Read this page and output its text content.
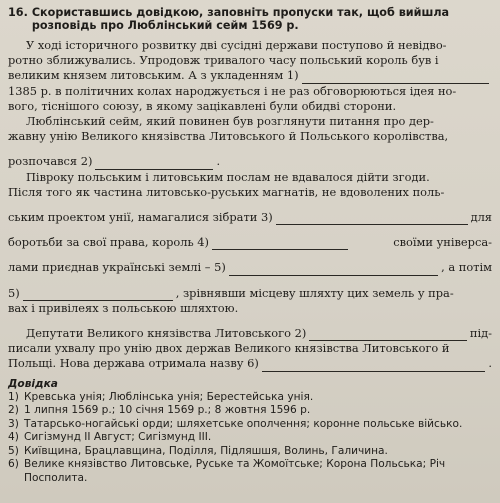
16. Скориставшись довідкою, заповніть пропуски так, щоб вийшла розповідь про Люблінський сейм 1569 р.
У ході історичного розвитку дві сусідні держави поступово й невідво-
ротно зближувались. Упродовж тривалого часу польський король був і
великим князем литовським. А з укладенням 1)
1385 р. в політичних колах народжується і не раз обговорюються ідея но-
вого, тіснішого союзу, в якому зацікавлені були обидві сторони.
Люблінський сейм, який повинен був розглянути питання про дер-
жавну унію Великого князівства Литовського й Польського королівства,
розпочався 2)	.
Півроку польським і литовським послам не вдавалося дійти згоди.
Після того як частина литовсько-руських магнатів, не вдоволених поль-
ським проектом унії, намагалися зібрати 3)	для
боротьби за свої права, король 4)	своїми універса-
лами приєднав українські землі – 5)	, а потім
5)	, зрівнявши місцеву шляхту цих земель у пра-
вах і привілеях з польською шляхтою.
Депутати Великого князівства Литовського 2)	під-
писали ухвалу про унію двох держав Великого князівства Литовського й
Польщі. Нова держава отримала назву 6)	.
Довідка
1) Кревська унія; Люблінська унія; Берестейська унія.
2) 1 липня 1569 р.; 10 січня 1569 р.; 8 жовтня 1596 р.
3) Татарсько-ногайські орди; шляхетське ополчення; коронне польське військо.
4) Сигізмунд II Август; Сигізмунд III.
5) Київщина, Брацлавщина, Поділля, Підляшшя, Волинь, Галичина.
6) Велике князівство Литовське, Руське та Жомоїтське; Корона Польська; Річ Посполита.
